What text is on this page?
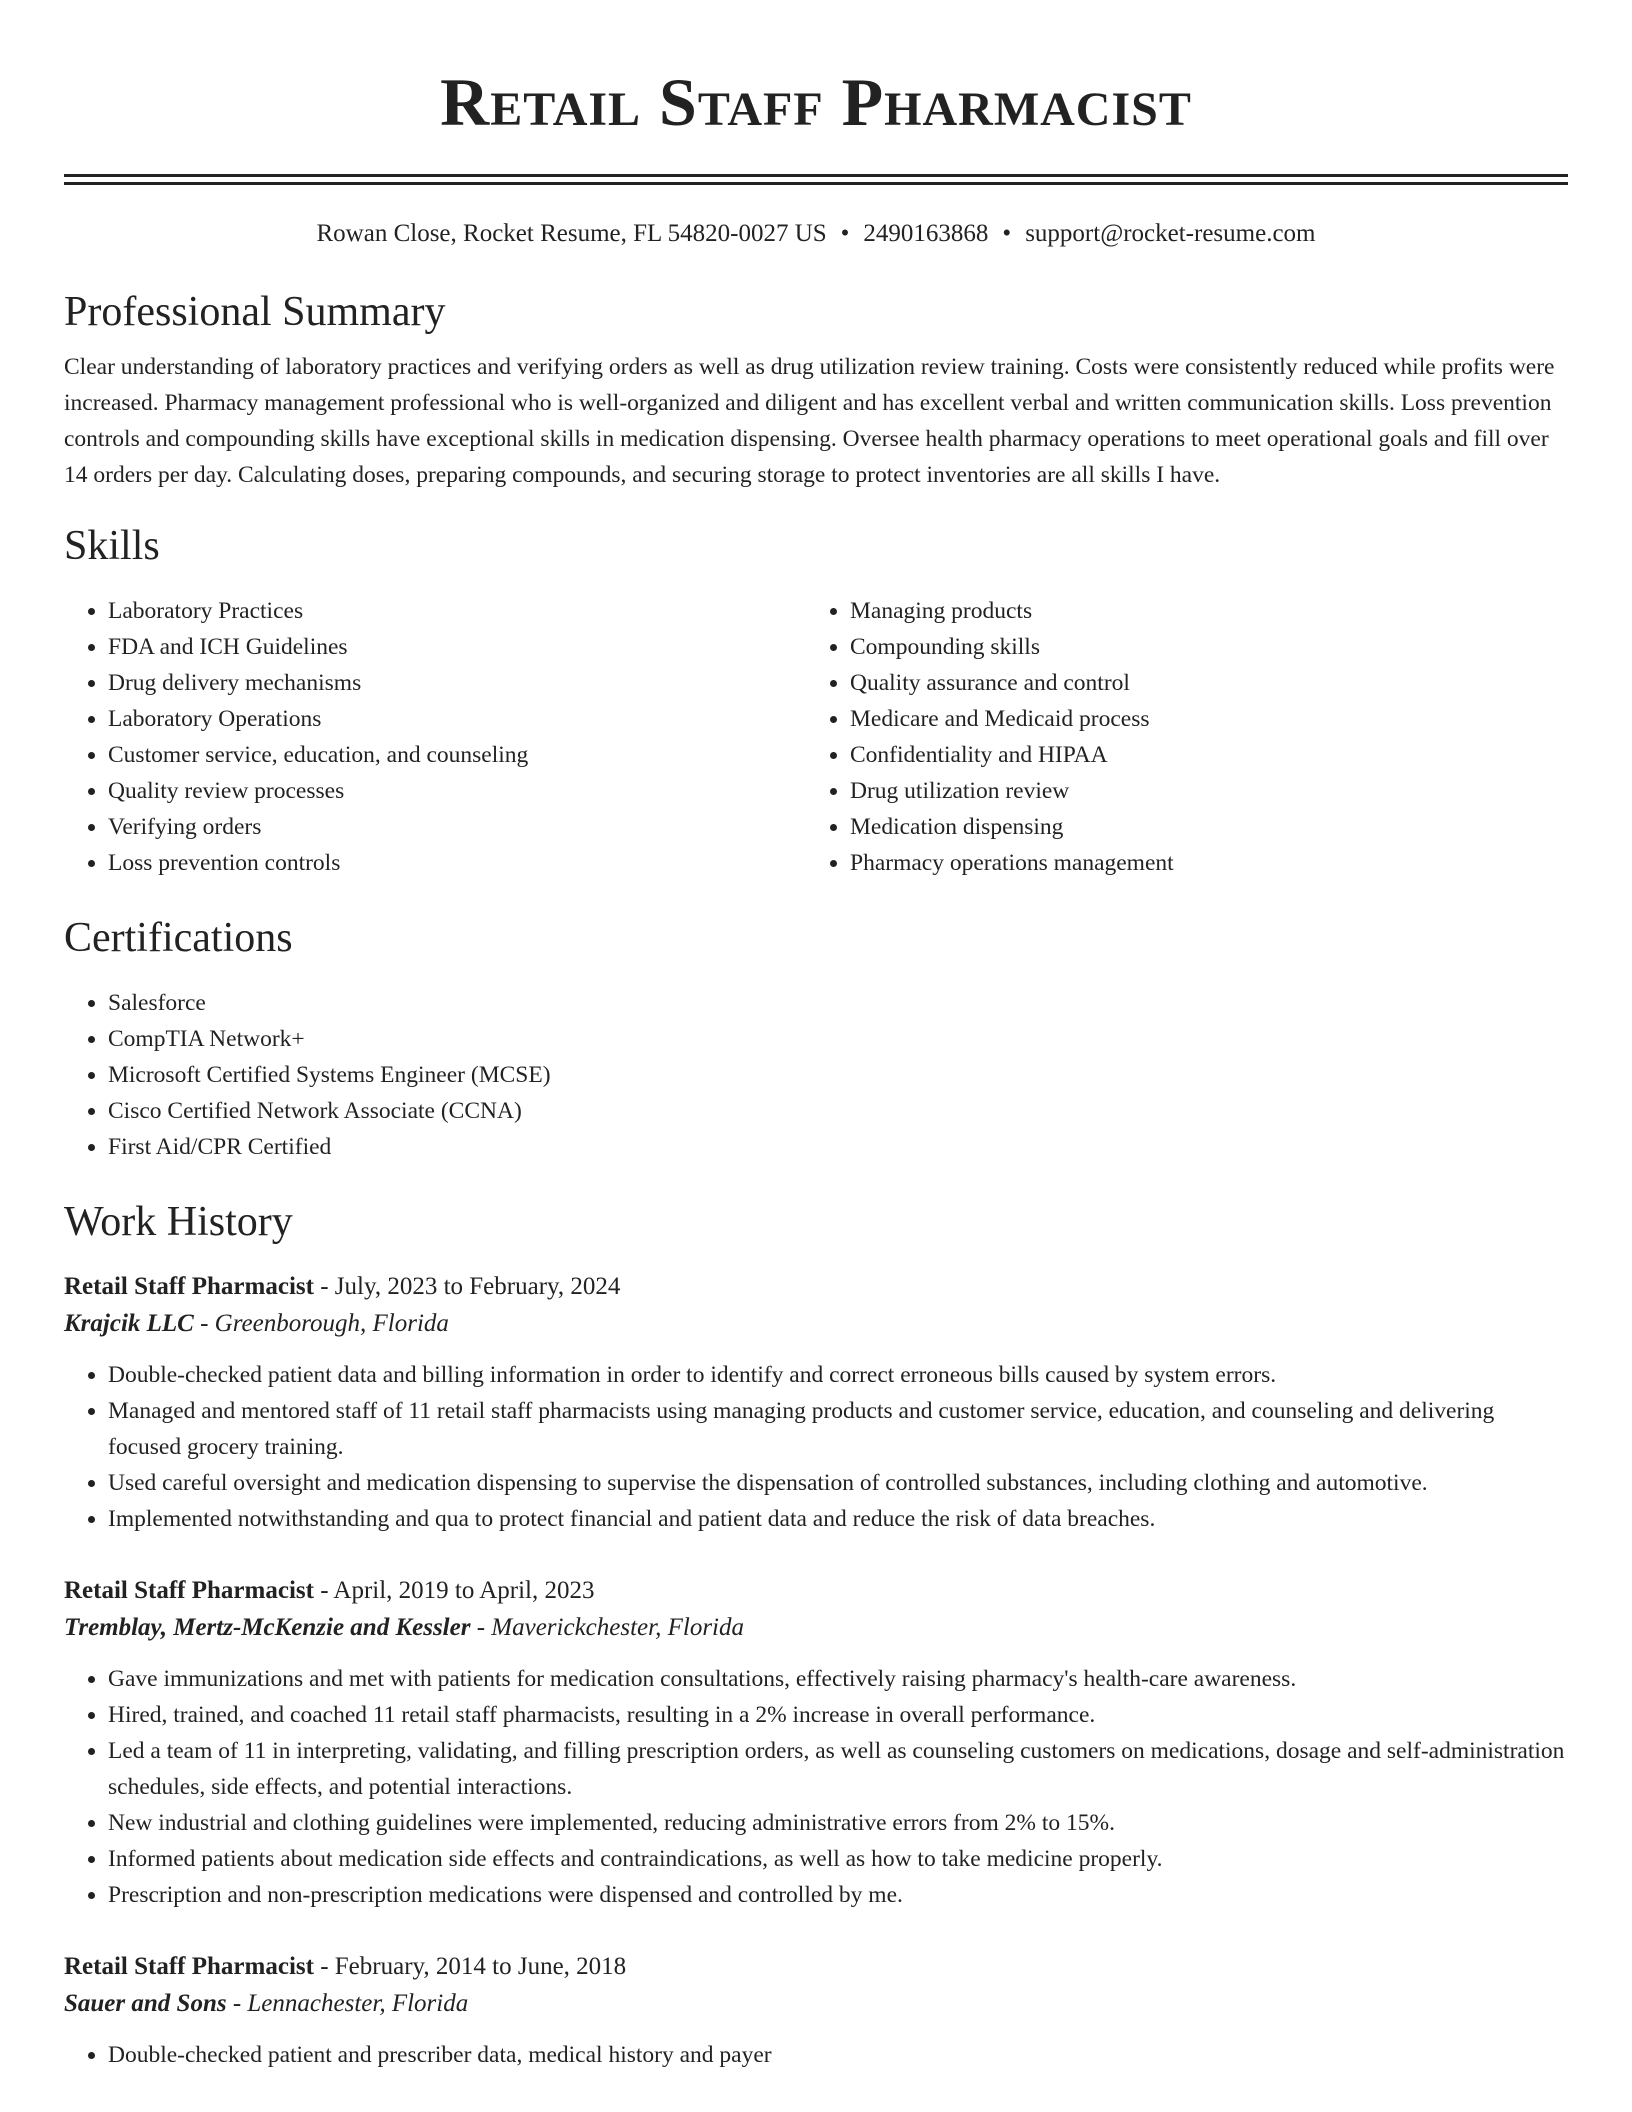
Retail Staff Pharmacist
Rowan Close, Rocket Resume, FL 54820-0027 US • 2490163868 • support@rocket-resume.com
Professional Summary

Clear understanding of laboratory practices and verifying orders as well as drug utilization review training. Costs were consistently reduced while profits were increased. Pharmacy management professional who is well-organized and diligent and has excellent verbal and written communication skills. Loss prevention controls and compounding skills have exceptional skills in medication dispensing. Oversee health pharmacy operations to meet operational goals and fill over 14 orders per day. Calculating doses, preparing compounds, and securing storage to protect inventories are all skills I have.

Skills
• Laboratory Practices
• FDA and ICH Guidelines
• Drug delivery mechanisms
• Laboratory Operations
• Customer service, education, and counseling
• Quality review processes
• Verifying orders
• Loss prevention controls
• Managing products
• Compounding skills
• Quality assurance and control
• Medicare and Medicaid process
• Confidentiality and HIPAA
• Drug utilization review
• Medication dispensing
• Pharmacy operations management
Certifications
• Salesforce
• CompTIA Network+
• Microsoft Certified Systems Engineer (MCSE)
• Cisco Certified Network Associate (CCNA)
• First Aid/CPR Certified
Work History
Retail Staff Pharmacist - July, 2023 to February, 2024
Krajcik LLC - Greenborough, Florida
• Double-checked patient data and billing information in order to identify and correct erroneous bills caused by system errors.
• Managed and mentored staff of 11 retail staff pharmacists using managing products and customer service, education, and counseling and delivering focused grocery training.
• Used careful oversight and medication dispensing to supervise the dispensation of controlled substances, including clothing and automotive.
• Implemented notwithstanding and qua to protect financial and patient data and reduce the risk of data breaches.
Retail Staff Pharmacist - April, 2019 to April, 2023
Tremblay, Mertz-McKenzie and Kessler - Maverickchester, Florida
• Gave immunizations and met with patients for medication consultations, effectively raising pharmacy's health-care awareness.
• Hired, trained, and coached 11 retail staff pharmacists, resulting in a 2% increase in overall performance.
• Led a team of 11 in interpreting, validating, and filling prescription orders, as well as counseling customers on medications, dosage and self-administration schedules, side effects, and potential interactions.
• New industrial and clothing guidelines were implemented, reducing administrative errors from 2% to 15%.
• Informed patients about medication side effects and contraindications, as well as how to take medicine properly.
• Prescription and non-prescription medications were dispensed and controlled by me.
Retail Staff Pharmacist - February, 2014 to June, 2018
Sauer and Sons - Lennachester, Florida
• Double-checked patient and prescriber data, medical history and payer
